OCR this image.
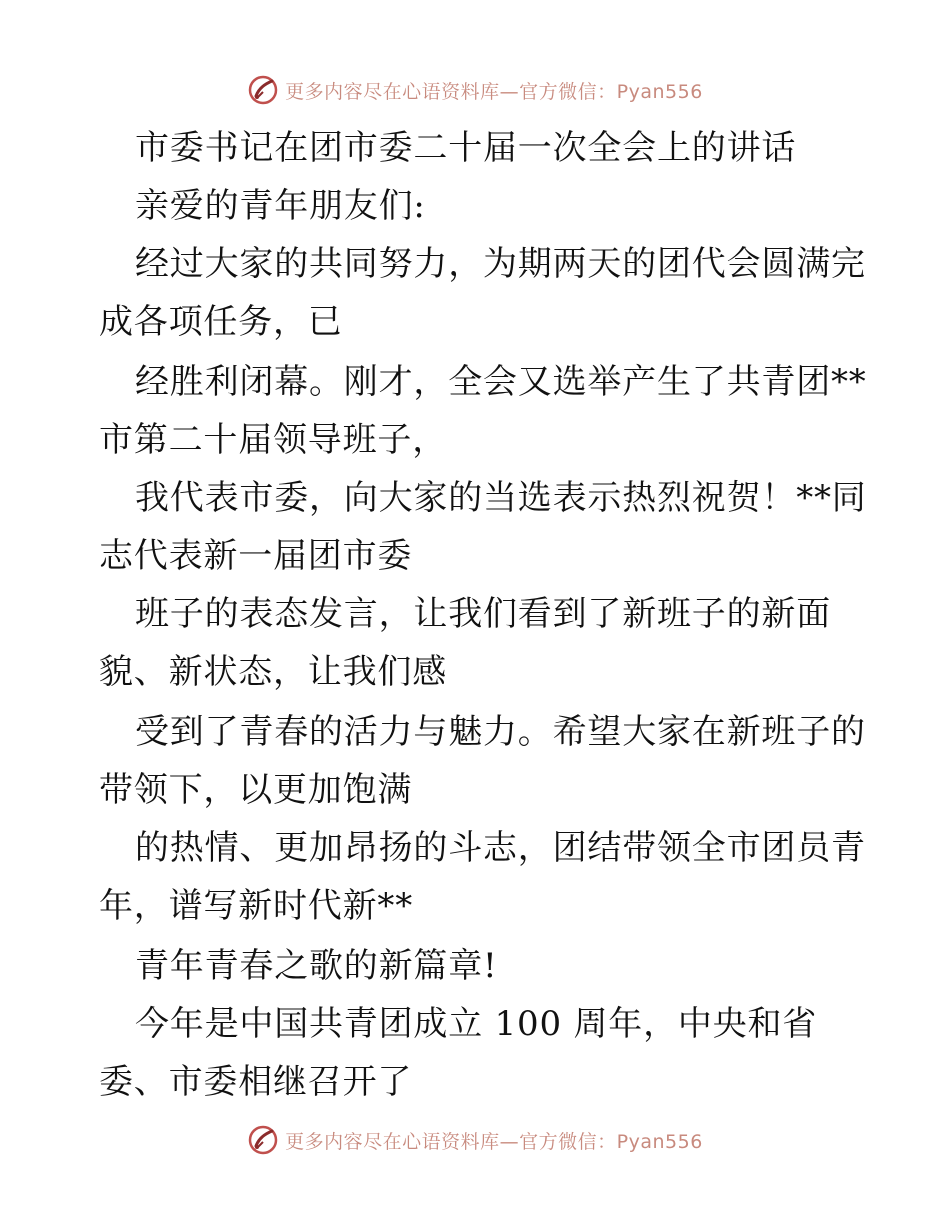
更多内容尽在心语资料库—官方微信：Pyan556
市委书记在团市委二十届一次全会上的讲话
亲爱的青年朋友们:
经过大家的共同努力，为期两天的团代会圆满完
成各项任务，已
经胜利闭幕。刚才，全会又选举产生了共青团**
市第二十届领导班子，
我代表市委，向大家的当选表示热烈祝贺！**同
志代表新一届团市委
班子的表态发言，让我们看到了新班子的新面
貌、新状态，让我们感
受到了青春的活力与魅力。希望大家在新班子的
带领下，以更加饱满
的热情、更加昂扬的斗志，团结带领全市团员青
年，谱写新时代新**
青年青春之歌的新篇章!
今年是中国共青团成立 100 周年，中央和省
委、市委相继召开了
更多内容尽在心语资料库—官方微信：Pyan556
